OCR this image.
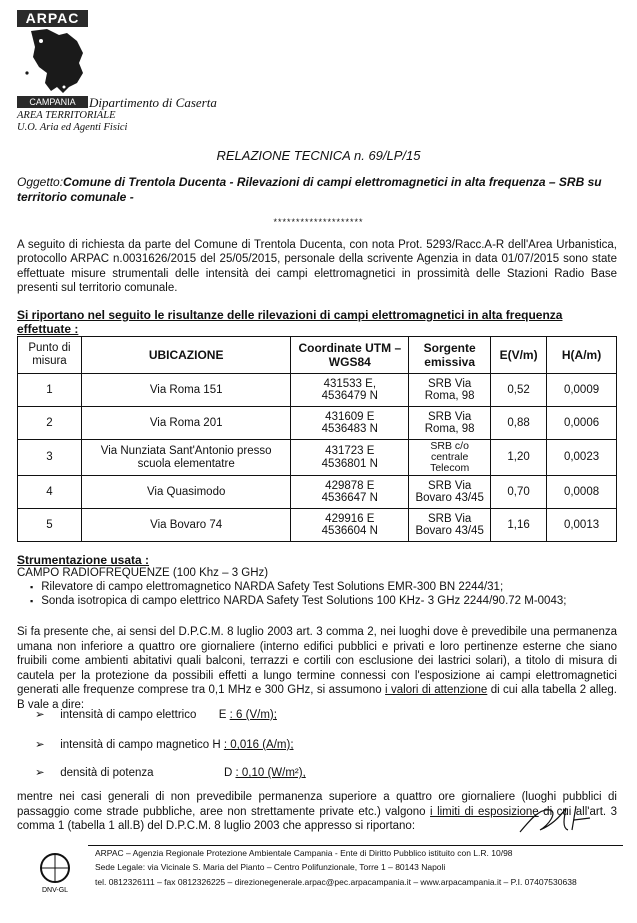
ARPAC
CAMPANIA	Dipartimento di Caserta
AREA TERRITORIALE
U.O. Aria ed Agenti Fisici
RELAZIONE TECNICA n. 69/LP/15
Oggetto:Comune di Trentola Ducenta - Rilevazioni di campi elettromagnetici in alta frequenza – SRB su territorio comunale -
********************
A seguito di richiesta da parte del Comune di Trentola Ducenta, con nota Prot. 5293/Racc.A-R dell'Area Urbanistica, protocollo ARPAC n.0031626/2015 del 25/05/2015, personale della scrivente Agenzia in data 01/07/2015 sono state effettuate misure strumentali delle intensità dei campi elettromagnetici in prossimità delle Stazioni Radio Base presenti sul territorio comunale.
Si riportano nel seguito le risultanze delle rilevazioni di campi elettromagnetici in alta frequenza effettuate :
Punto di misura	UBICAZIONE	Coordinate UTM – WGS84	Sorgente emissiva	E(V/m)	H(A/m)
1	Via Roma 151	431533 E,
4536479 N	SRB Via Roma, 98	0,52	0,0009
2	Via Roma 201	431609 E
4536483 N	SRB Via Roma, 98	0,88	0,0006
3	Via Nunziata Sant'Antonio presso scuola elementatre	431723 E
4536801 N	SRB c/o centrale Telecom	1,20	0,0023
4	Via Quasimodo	429878 E
4536647 N	SRB Via Bovaro 43/45	0,70	0,0008
5	Via Bovaro 74	429916 E
4536604 N	SRB Via Bovaro 43/45	1,16	0,0013
Strumentazione usata :
CAMPO RADIOFREQUENZE (100 Khz – 3 GHz)
▪ Rilevatore di campo elettromagnetico NARDA Safety Test Solutions EMR-300 BN 2244/31;
▪ Sonda isotropica di campo elettrico NARDA Safety Test Solutions 100 KHz- 3 GHz 2244/90.72 M-0043;
Si fa presente che, ai sensi del D.P.C.M. 8 luglio 2003 art. 3 comma 2, nei luoghi dove è prevedibile una permanenza umana non inferiore a quattro ore giornaliere (interno edifici pubblici e privati e loro pertinenze esterne che siano fruibili come ambienti abitativi quali balconi, terrazzi e cortili con esclusione dei lastrici solari), a titolo di misura di cautela per la protezione da possibili effetti a lungo termine connessi con l'esposizione ai campi elettromagnetici generati alle frequenze comprese tra 0,1 MHz e 300 GHz, si assumono i valori di attenzione di cui alla tabella 2 alleg. B vale a dire:
➢ intensità di campo elettrico E : 6 (V/m);
➢ intensità di campo magnetico H : 0,016 (A/m);
➢ densità di potenza	D : 0,10 (W/m²),
mentre nei casi generali di non prevedibile permanenza superiore a quattro ore giornaliere (luoghi pubblici di passaggio come strade pubbliche, aree non strettamente private etc.) valgono i limiti di esposizione di cui all'art. 3 comma 1 (tabella 1 all.B) del D.P.C.M. 8 luglio 2003 che appresso si riportano:
DNV-GL
ARPAC – Agenzia Regionale Protezione Ambientale Campania - Ente di Diritto Pubblico istituito con L.R. 10/98
Sede Legale: via Vicinale S. Maria del Pianto – Centro Polifunzionale, Torre 1 – 80143 Napoli
tel. 0812326111 – fax 0812326225 – direzionegenerale.arpac@pec.arpacampania.it – www.arpacampania.it – P.I. 07407530638
